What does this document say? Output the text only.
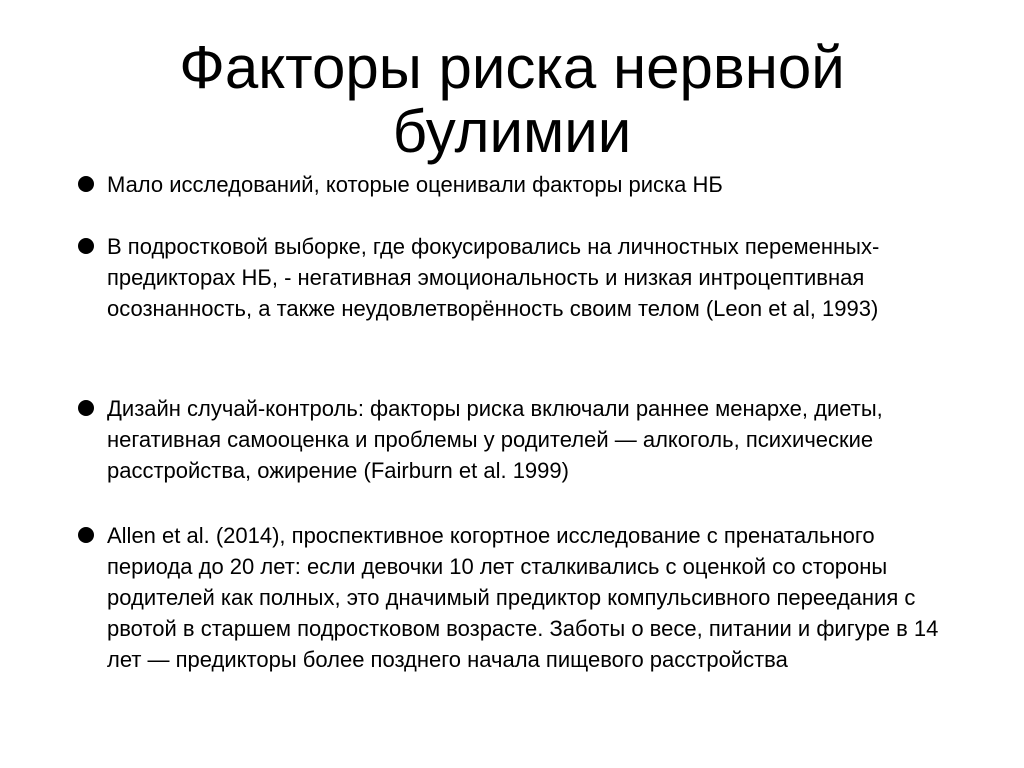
Факторы риска нервной булимии
Мало исследований, которые оценивали факторы риска НБ
В подростковой выборке, где фокусировались на личностных переменных-предикторах НБ, - негативная эмоциональность и низкая интроцептивная осознанность, а также неудовлетворённость своим телом (Leon et al, 1993)
Дизайн случай-контроль: факторы риска включали раннее менархе, диеты, негативная самооценка и проблемы у родителей — алкоголь, психические расстройства, ожирение (Fairburn et al. 1999)
Allen et al. (2014), проспективное когортное исследование с пренатального периода до 20 лет: если девочки 10 лет сталкивались с оценкой со стороны родителей как полных, это днaчимый предиктор компульсивного переедания с рвотой в старшем подростковом возрасте. Заботы о весе, питании и фигуре в 14 лет — предикторы более позднего начала пищевого расстройства
